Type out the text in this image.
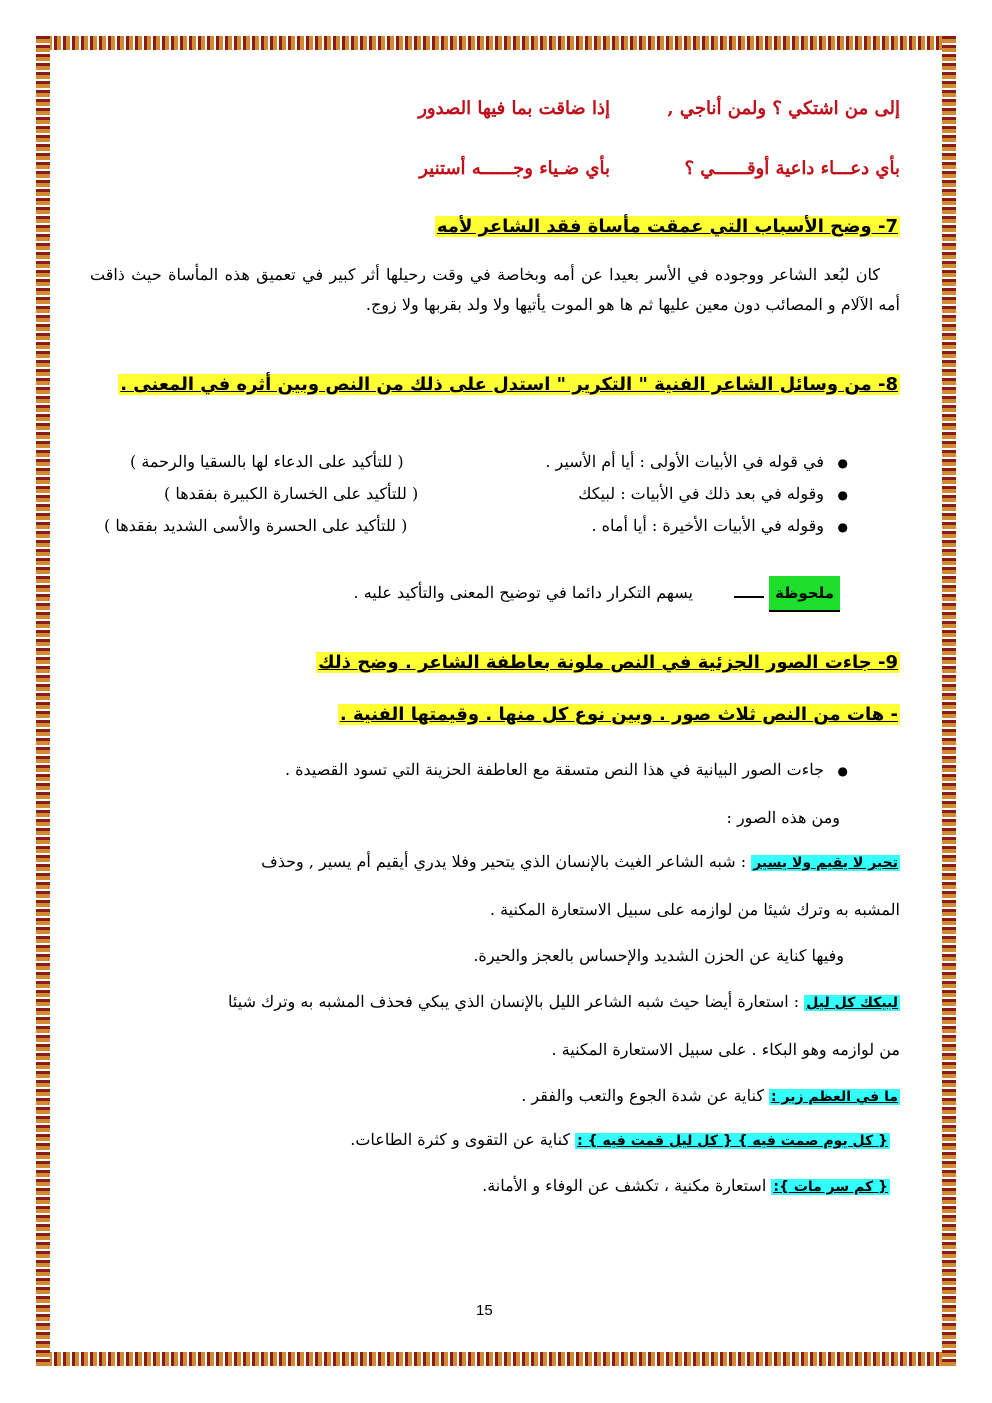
إلى من اشتكي ؟ ولمن أناجي ,
إذا ضاقت بما فيها الصدور
بأي دعـــاء داعية أوقــــــي ؟
بأي ضـياء وجــــــه أستنير
7- وضح الأسباب التي عمقت مأساة فقد الشاعر لأمه
كان لبُعد الشاعر ووجوده في الأسر بعيدا عن أمه وبخاصة في وقت رحيلها أثر كبير في تعميق هذه المأساة حيث ذاقت أمه الآلام و المصائب دون معين عليها ثم ها هو الموت يأتيها ولا ولد بقربها ولا زوج.
8- من وسائل الشاعر الفنية " التكرير " استدل على ذلك من النص وبين أثره في المعنى .
●
في قوله في الأبيات الأولى : أيا أم الأسير .
( للتأكيد على الدعاء لها بالسقيا والرحمة )
●
وقوله في بعد ذلك في الأبيات : لبيكك
( للتأكيد على الخسارة الكبيرة بفقدها )
●
وقوله في الأبيات الأخيرة : أيا أماه .
( للتأكيد على الحسرة والأسى الشديد بفقدها )
ملحوظة  يسهم التكرار دائما في توضيح المعنى والتأكيد عليه .
9- جاءت الصور الجزئية في النص ملونة بعاطفة الشاعر . وضح ذلك
- هات من النص ثلاث صور . وبين نوع كل منها . وقيمتها الفنية .
●
جاءت الصور البيانية في هذا النص متسقة مع العاطفة الحزينة التي تسود القصيدة .
ومن هذه الصور :
تحير لا يقيم ولا يسير : شبه الشاعر الغيث بالإنسان الذي يتحير وفلا يدري أيقيم أم يسير , وحذف
المشبه به وترك شيئا من لوازمه على سبيل الاستعارة المكنية .
وفيها كناية عن الحزن الشديد والإحساس بالعجز والحيرة.
لبيكك كل ليل : استعارة أيضا حيث شبه الشاعر الليل بالإنسان الذي يبكي فحذف المشبه به وترك شيئا
من لوازمه وهو البكاء . على سبيل الاستعارة المكنية .
ما في العظم زير : كناية عن شدة الجوع والتعب والفقر .
{ كل يوم صمت فيه } { كل ليل قمت فيه } : كناية عن التقوى و كثرة الطاعات.
{ كم سر مات }: استعارة مكنية ، تكشف عن الوفاء و الأمانة.
15
